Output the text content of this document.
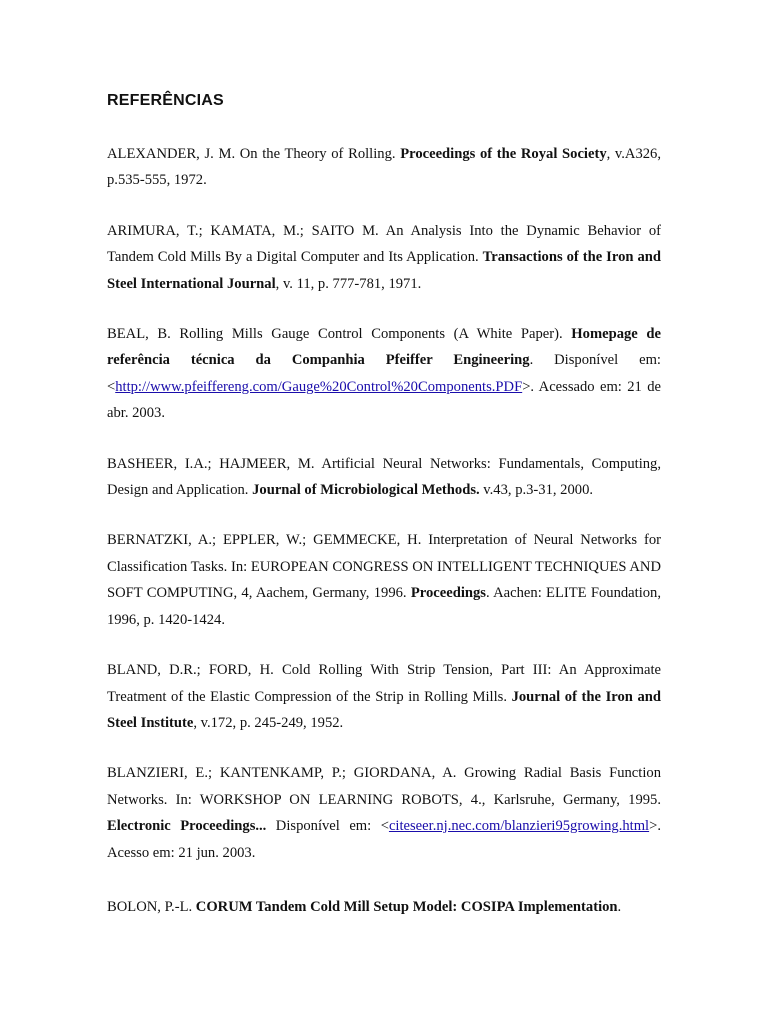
REFERÊNCIAS

ALEXANDER, J. M. On the Theory of Rolling. Proceedings of the Royal Society, v.A326, p.535-555, 1972.

ARIMURA, T.; KAMATA, M.; SAITO M. An Analysis Into the Dynamic Behavior of Tandem Cold Mills By a Digital Computer and Its Application. Transactions of the Iron and Steel International Journal, v. 11, p. 777-781, 1971.

BEAL, B. Rolling Mills Gauge Control Components (A White Paper). Homepage de referência técnica da Companhia Pfeiffer Engineering. Disponível em: <http://www.pfeiffereng.com/Gauge%20Control%20Components.PDF>. Acessado em: 21 de abr. 2003.

BASHEER, I.A.; HAJMEER, M. Artificial Neural Networks: Fundamentals, Computing, Design and Application. Journal of Microbiological Methods. v.43, p.3-31, 2000.

BERNATZKI, A.; EPPLER, W.; GEMMECKE, H. Interpretation of Neural Networks for Classification Tasks. In: EUROPEAN CONGRESS ON INTELLIGENT TECHNIQUES AND SOFT COMPUTING, 4, Aachem, Germany, 1996. Proceedings. Aachen: ELITE Foundation, 1996, p. 1420-1424.

BLAND, D.R.; FORD, H. Cold Rolling With Strip Tension, Part III: An Approximate Treatment of the Elastic Compression of the Strip in Rolling Mills. Journal of the Iron and Steel Institute, v.172, p. 245-249, 1952.

BLANZIERI, E.; KANTENKAMP, P.; GIORDANA, A. Growing Radial Basis Function Networks. In: WORKSHOP ON LEARNING ROBOTS, 4., Karlsruhe, Germany, 1995. Electronic Proceedings... Disponível em: <citeseer.nj.nec.com/blanzieri95growing.html>. Acesso em: 21 jun. 2003.

BOLON, P.-L. CORUM Tandem Cold Mill Setup Model: COSIPA Implementation.
